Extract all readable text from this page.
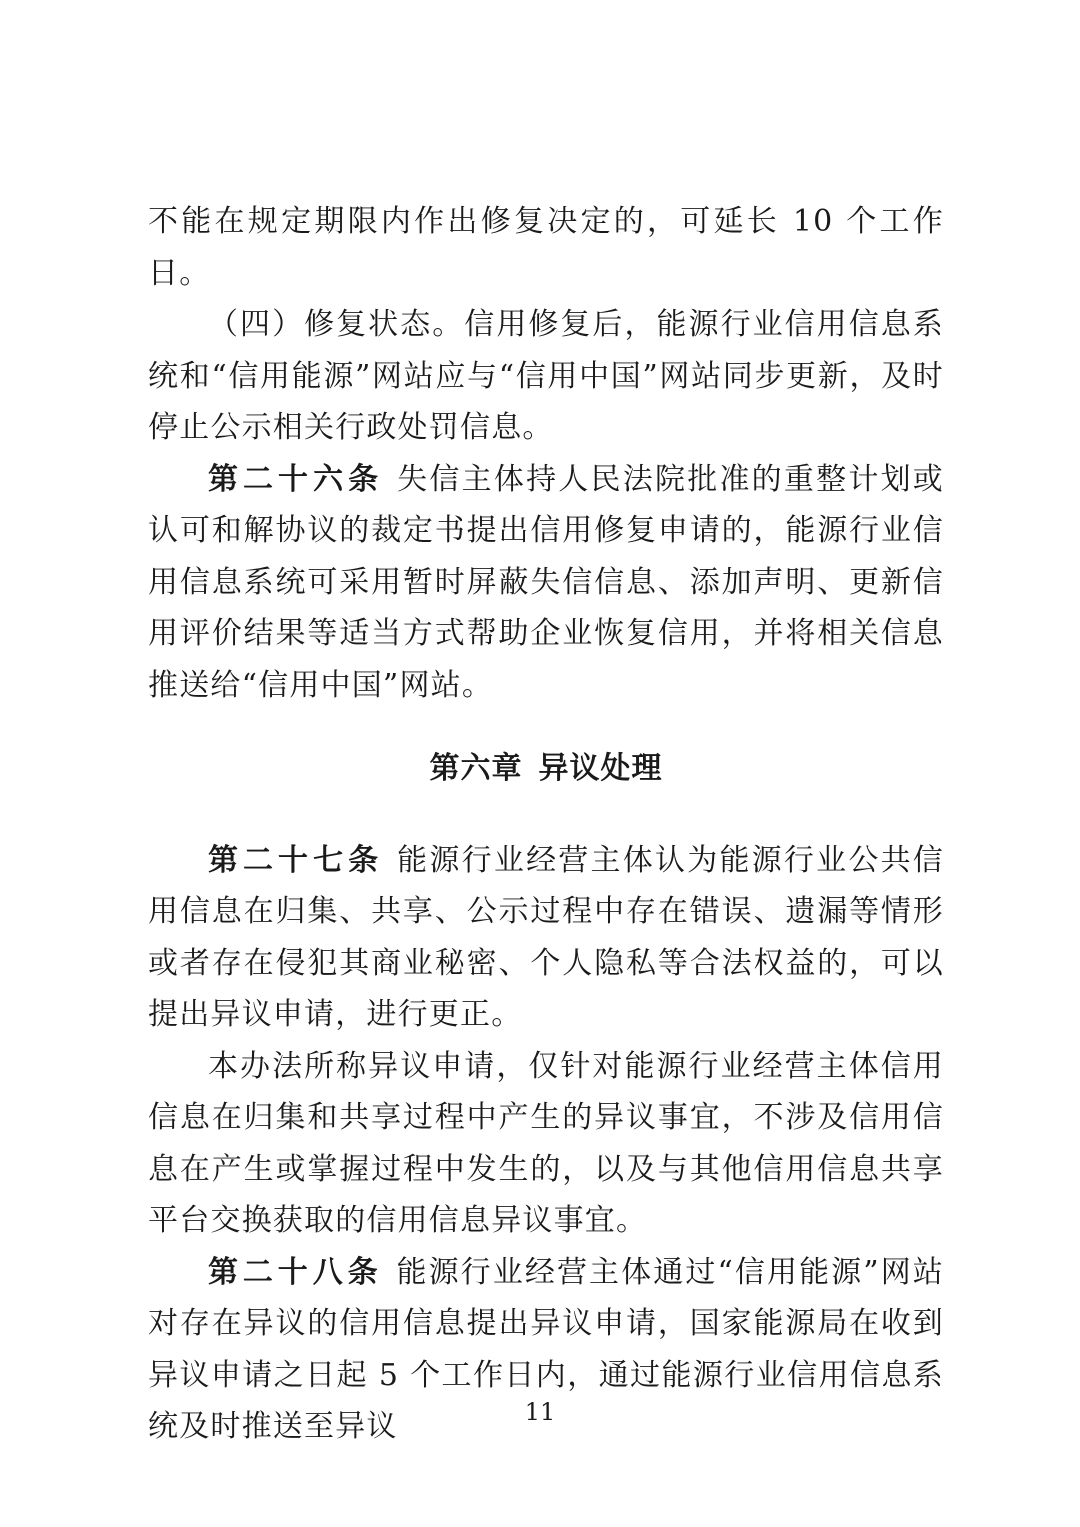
不能在规定期限内作出修复决定的，可延长 10 个工作日。

（四）修复状态。信用修复后，能源行业信用信息系统和“信用能源”网站应与“信用中国”网站同步更新，及时停止公示相关行政处罚信息。

第二十六条 失信主体持人民法院批准的重整计划或认可和解协议的裁定书提出信用修复申请的，能源行业信用信息系统可采用暂时屏蔽失信信息、添加声明、更新信用评价结果等适当方式帮助企业恢复信用，并将相关信息推送给“信用中国”网站。

第六章 异议处理

第二十七条 能源行业经营主体认为能源行业公共信用信息在归集、共享、公示过程中存在错误、遗漏等情形或者存在侵犯其商业秘密、个人隐私等合法权益的，可以提出异议申请，进行更正。

本办法所称异议申请，仅针对能源行业经营主体信用信息在归集和共享过程中产生的异议事宜，不涉及信用信息在产生或掌握过程中发生的，以及与其他信用信息共享平台交换获取的信用信息异议事宜。

第二十八条 能源行业经营主体通过“信用能源”网站对存在异议的信用信息提出异议申请，国家能源局在收到异议申请之日起 5 个工作日内，通过能源行业信用信息系统及时推送至异议	11
